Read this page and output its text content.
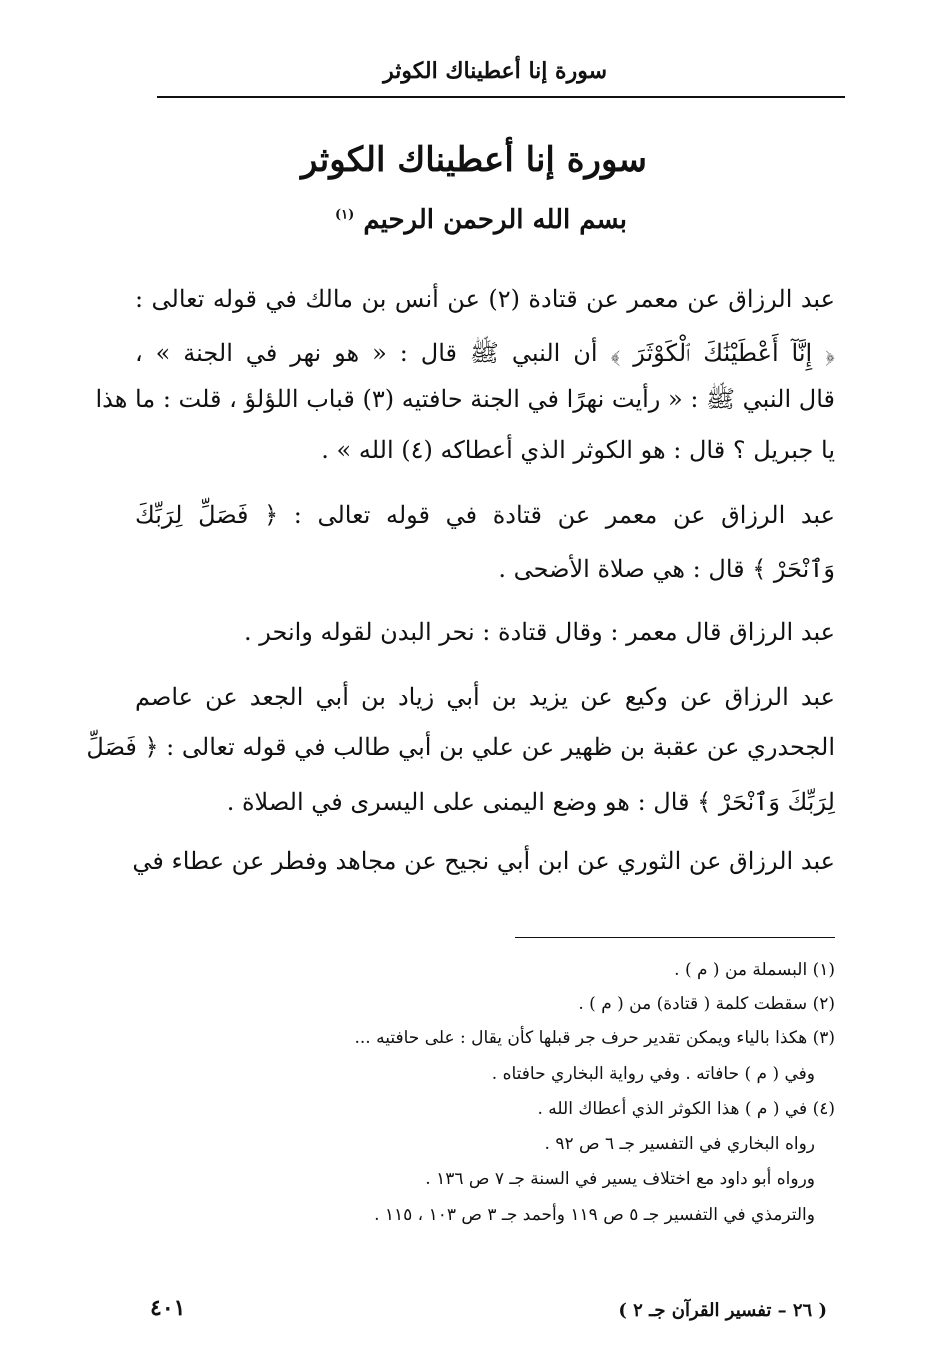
سورة إنا أعطيناك الكوثر
سورة إنا أعطيناك الكوثر
بسم الله الرحمن الرحيم $^{(١)}$
عبد الرزاق عن معمر عن قتادة (٢) عن أنس بن مالك في قوله تعالى :
﴿ إِنَّآ أَعْطَيْنَٰكَ ٱلْكَوْثَرَ ﴾ أن النبي ﷺ قال : « هو نهر في الجنة » ،
قال النبي ﷺ : « رأيت نهرًا في الجنة حافتيه (٣) قباب اللؤلؤ ، قلت : ما هذا
يا جبريل ؟ قال : هو الكوثر الذي أعطاكه (٤) الله » .
عبد الرزاق عن معمر عن قتادة في قوله تعالى : ﴿ فَصَلِّ لِرَبِّكَ
وَٱنْحَرْ ﴾ قال : هي صلاة الأضحى .
عبد الرزاق قال معمر : وقال قتادة : نحر البدن لقوله وانحر .
عبد الرزاق عن وكيع عن يزيد بن أبي زياد بن أبي الجعد عن عاصم
الجحدري عن عقبة بن ظهير عن علي بن أبي طالب في قوله تعالى : ﴿ فَصَلِّ
لِرَبِّكَ وَٱنْحَرْ ﴾ قال : هو وضع اليمنى على اليسرى في الصلاة .
عبد الرزاق عن الثوري عن ابن أبي نجيح عن مجاهد وفطر عن عطاء في
(١) البسملة من ( م ) .
(٢) سقطت كلمة ( قتادة) من ( م ) .
(٣) هكذا بالياء ويمكن تقدير حرف جر قبلها كأن يقال : على حافتيه ...
وفي ( م ) حافاته . وفي رواية البخاري حافتاه .
(٤) في ( م ) هذا الكوثر الذي أعطاك الله .
رواه البخاري في التفسير جـ ٦ ص ٩٢ .
ورواه أبو داود مع اختلاف يسير في السنة جـ ٧ ص ١٣٦ .
والترمذي في التفسير جـ ٥ ص ١١٩ وأحمد جـ ٣ ص ١٠٣ ، ١١٥ .
٤٠١	( ٢٦ – تفسير القرآن جـ ٢ )
